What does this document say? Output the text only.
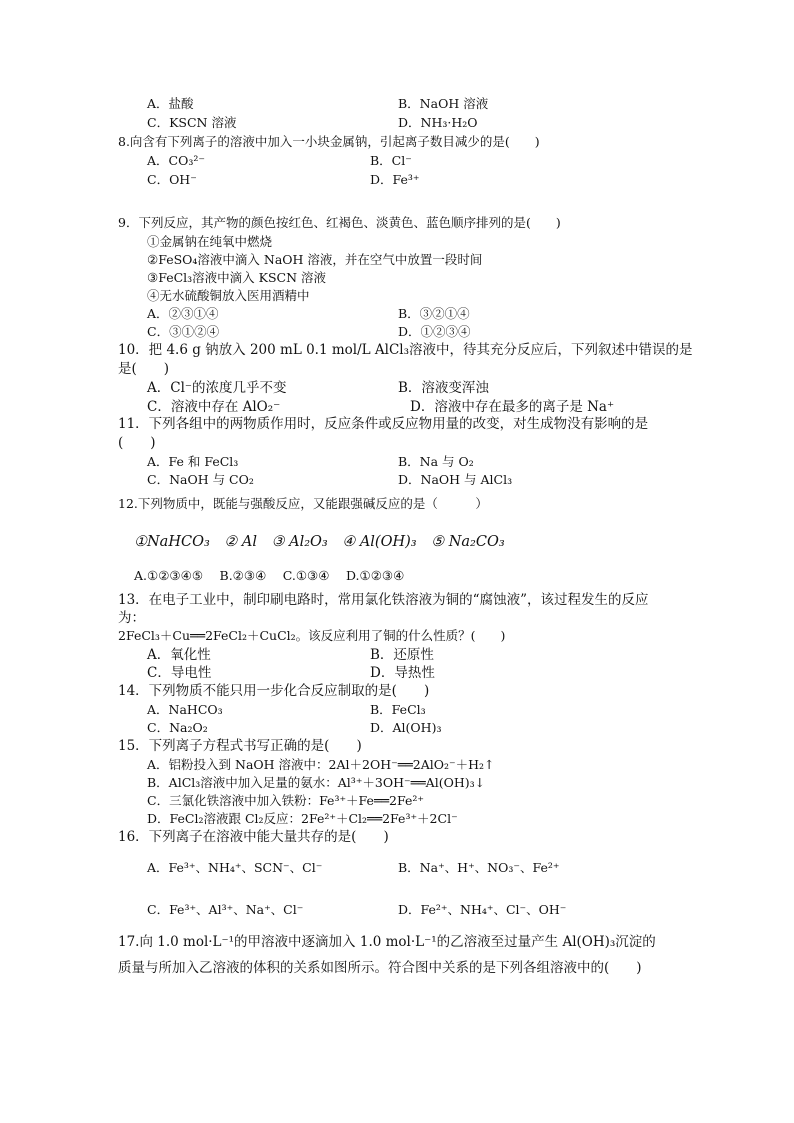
A．盐酸	B．NaOH 溶液
C．KSCN 溶液	D．NH₃·H₂O
8.向含有下列离子的溶液中加入一小块金属钠，引起离子数目减少的是(　　)
A．CO₃²⁻	B．Cl⁻
C．OH⁻	D．Fe³⁺
9．下列反应，其产物的颜色按红色、红褐色、淡黄色、蓝色顺序排列的是(　　)
①金属钠在纯氧中燃烧
②FeSO₄溶液中滴入 NaOH 溶液，并在空气中放置一段时间
③FeCl₃溶液中滴入 KSCN 溶液
④无水硫酸铜放入医用酒精中
A．②③①④	B．③②①④
C．③①②④	D．①②③④
10．把 4.6 g 钠放入 200 mL 0.1 mol/L AlCl₃溶液中，待其充分反应后，下列叙述中错误的是
是(　　)
A．Cl⁻的浓度几乎不变	B．溶液变浑浊
C．溶液中存在 AlO₂⁻	D．溶液中存在最多的离子是 Na⁺
11．下列各组中的两物质作用时，反应条件或反应物用量的改变，对生成物没有影响的是
(　　)
A．Fe 和 FeCl₃	B．Na 与 O₂
C．NaOH 与 CO₂	D．NaOH 与 AlCl₃
12.下列物质中，既能与强酸反应，又能跟强碱反应的是（　　　）
①NaHCO₃　② Al　③ Al₂O₃　④ Al(OH)₃　⑤ Na₂CO₃
A.①②③④⑤　 B.②③④　 C.①③④　 D.①②③④
13．在电子工业中，制印刷电路时，常用氯化铁溶液为铜的“腐蚀液”，该过程发生的反应
为：
2FeCl₃＋Cu══2FeCl₂＋CuCl₂。该反应利用了铜的什么性质？(　　)
A．氧化性	B．还原性
C．导电性	D．导热性
14．下列物质不能只用一步化合反应制取的是(　　)
A．NaHCO₃	B．FeCl₃
C．Na₂O₂	D．Al(OH)₃
15．下列离子方程式书写正确的是(　　)
A．铝粉投入到 NaOH 溶液中：2Al＋2OH⁻══2AlO₂⁻＋H₂↑
B．AlCl₃溶液中加入足量的氨水：Al³⁺＋3OH⁻══Al(OH)₃↓
C．三氯化铁溶液中加入铁粉：Fe³⁺＋Fe══2Fe²⁺
D．FeCl₂溶液跟 Cl₂反应：2Fe²⁺＋Cl₂══2Fe³⁺＋2Cl⁻
16．下列离子在溶液中能大量共存的是(　　)
A．Fe³⁺、NH₄⁺、SCN⁻、Cl⁻	B．Na⁺、H⁺、NO₃⁻、Fe²⁺
C．Fe³⁺、Al³⁺、Na⁺、Cl⁻	D．Fe²⁺、NH₄⁺、Cl⁻、OH⁻
17.向 1.0 mol·L⁻¹的甲溶液中逐滴加入 1.0 mol·L⁻¹的乙溶液至过量产生 Al(OH)₃沉淀的
质量与所加入乙溶液的体积的关系如图所示。符合图中关系的是下列各组溶液中的(　　)
